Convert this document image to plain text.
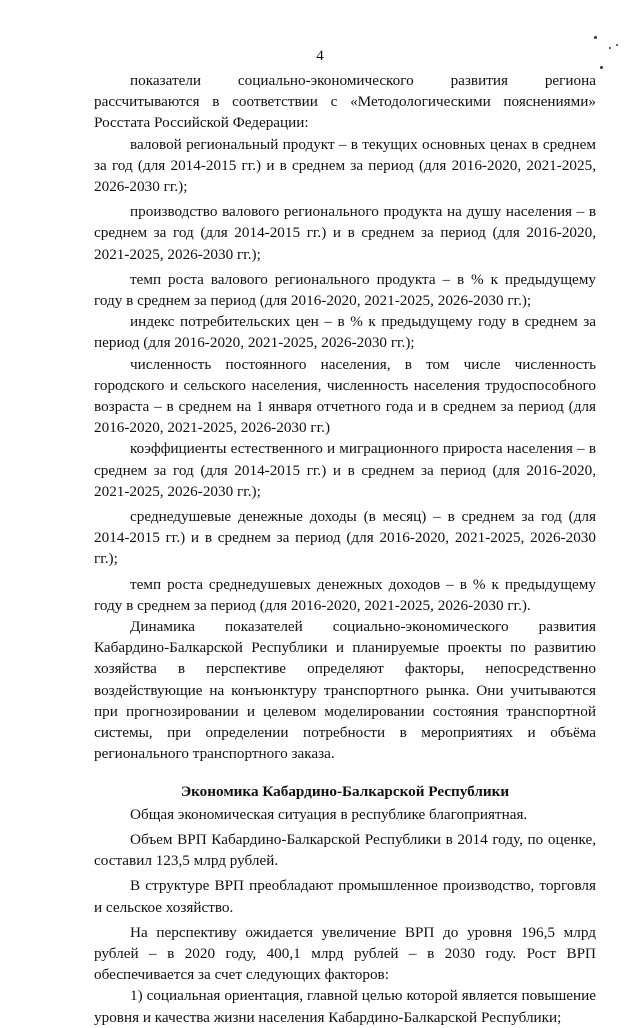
4

показатели социально-экономического развития региона рассчитываются в соответствии с «Методологическими пояснениями» Росстата Российской Федерации:

валовой региональный продукт – в текущих основных ценах в среднем за год (для 2014-2015 гг.) и в среднем за период (для 2016-2020, 2021-2025, 2026-2030 гг.);

производство валового регионального продукта на душу населения – в среднем за год (для 2014-2015 гг.) и в среднем за период (для 2016-2020, 2021-2025, 2026-2030 гг.);

темп роста валового регионального продукта – в % к предыдущему году в среднем за период (для 2016-2020, 2021-2025, 2026-2030 гг.);

индекс потребительских цен – в % к предыдущему году в среднем за период (для 2016-2020, 2021-2025, 2026-2030 гг.);

численность постоянного населения, в том числе численность городского и сельского населения, численность населения трудоспособного возраста – в среднем на 1 января отчетного года и в среднем за период (для 2016-2020, 2021-2025, 2026-2030 гг.)

коэффициенты естественного и миграционного прироста населения – в среднем за год (для 2014-2015 гг.) и в среднем за период (для 2016-2020, 2021-2025, 2026-2030 гг.);

среднедушевые денежные доходы (в месяц) – в среднем за год (для 2014-2015 гг.) и в среднем за период (для 2016-2020, 2021-2025, 2026-2030 гг.);

темп роста среднедушевых денежных доходов – в % к предыдущему году в среднем за период (для 2016-2020, 2021-2025, 2026-2030 гг.).

Динамика показателей социально-экономического развития Кабардино-Балкарской Республики и планируемые проекты по развитию хозяйства в перспективе определяют факторы, непосредственно воздействующие на конъюнктуру транспортного рынка. Они учитываются при прогнозировании и целевом моделировании состояния транспортной системы, при определении потребности в мероприятиях и объёма регионального транспортного заказа.

Экономика Кабардино-Балкарской Республики

Общая экономическая ситуация в республике благоприятная.

Объем ВРП Кабардино-Балкарской Республики в 2014 году, по оценке, составил 123,5 млрд рублей.

В структуре ВРП преобладают промышленное производство, торговля и сельское хозяйство.

На перспективу ожидается увеличение ВРП до уровня 196,5 млрд рублей – в 2020 году, 400,1 млрд рублей – в 2030 году. Рост ВРП обеспечивается за счет следующих факторов:

1) социальная ориентация, главной целью которой является повышение уровня и качества жизни населения Кабардино-Балкарской Республики;
